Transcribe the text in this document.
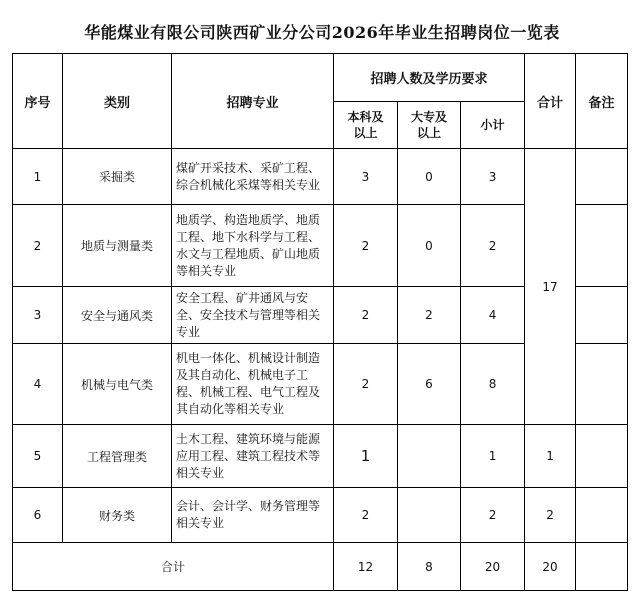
华能煤业有限公司陕西矿业分公司2026年毕业生招聘岗位一览表
序号	类别	招聘专业	招聘人数及学历要求			合计	备注

			本科及以上	大专及以上	小计		
1	采掘类	煤矿开采技术、采矿工程、综合机械化采煤等相关专业	3	0	3	17	
2	地质与测量类	地质学、构造地质学、地质工程、地下水科学与工程、水文与工程地质、矿山地质等相关专业	2	0	2		
3	安全与通风类	安全工程、矿井通风与安全、安全技术与管理等相关专业	2	2	4		
4	机械与电气类	机电一体化、机械设计制造及其自动化、机械电子工程、机械工程、电气工程及其自动化等相关专业	2	6	8		
5	工程管理类	土木工程、建筑环境与能源应用工程、建筑工程技术等相关专业	1		1	1	
6	财务类	会计、会计学、财务管理等相关专业	2		2	2	
合计			12	8	20	20	
